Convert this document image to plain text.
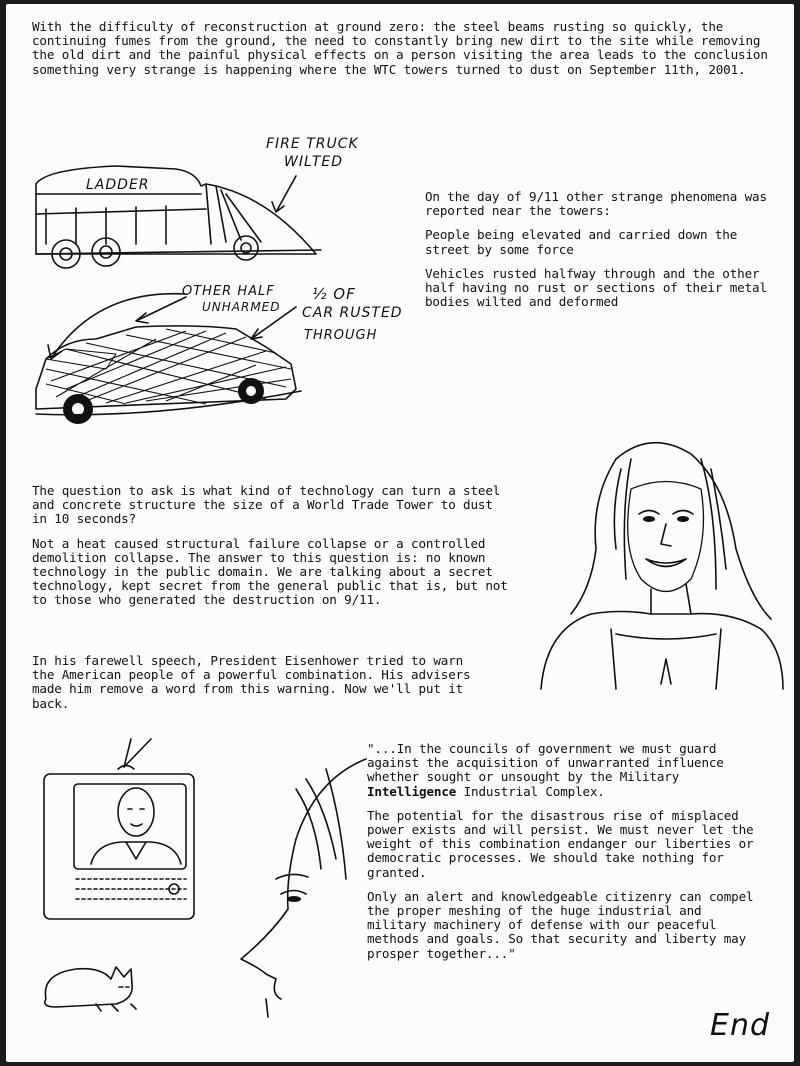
With the difficulty of reconstruction at ground zero: the steel beams rusting so quickly, the continuing fumes from the ground, the need to constantly bring new dirt to the site while removing the old dirt and the painful physical effects on a person visiting the area leads to the conclusion something very strange is happening where the WTC towers turned to dust on September 11th, 2001.

LADDER
FIRE TRUCK
WILTED
OTHER HALF
UNHARMED
½ OF
CAR RUSTED
THROUGH

On the day of 9/11 other strange phenomena was reported near the towers:

People being elevated and carried down the street by some force

Vehicles rusted halfway through and the other half having no rust or sections of their metal bodies wilted and deformed

The question to ask is what kind of technology can turn a steel and concrete structure the size of a World Trade Tower to dust in 10 seconds?

Not a heat caused structural failure collapse or a controlled demolition collapse. The answer to this question is: no known technology in the public domain. We are talking about a secret technology, kept secret from the general public that is, but not to those who generated the destruction on 9/11.

In his farewell speech, President Eisenhower tried to warn the American people of a powerful combination. His advisers made him remove a word from this warning. Now we'll put it back.

"...In the councils of government we must guard against the acquisition of unwarranted influence whether sought or unsought by the Military Intelligence Industrial Complex.

The potential for the disastrous rise of misplaced power exists and will persist. We must never let the weight of this combination endanger our liberties or democratic processes. We should take nothing for granted.

Only an alert and knowledgeable citizenry can compel the proper meshing of the huge industrial and military machinery of defense with our peaceful methods and goals. So that security and liberty may prosper together..."

End
